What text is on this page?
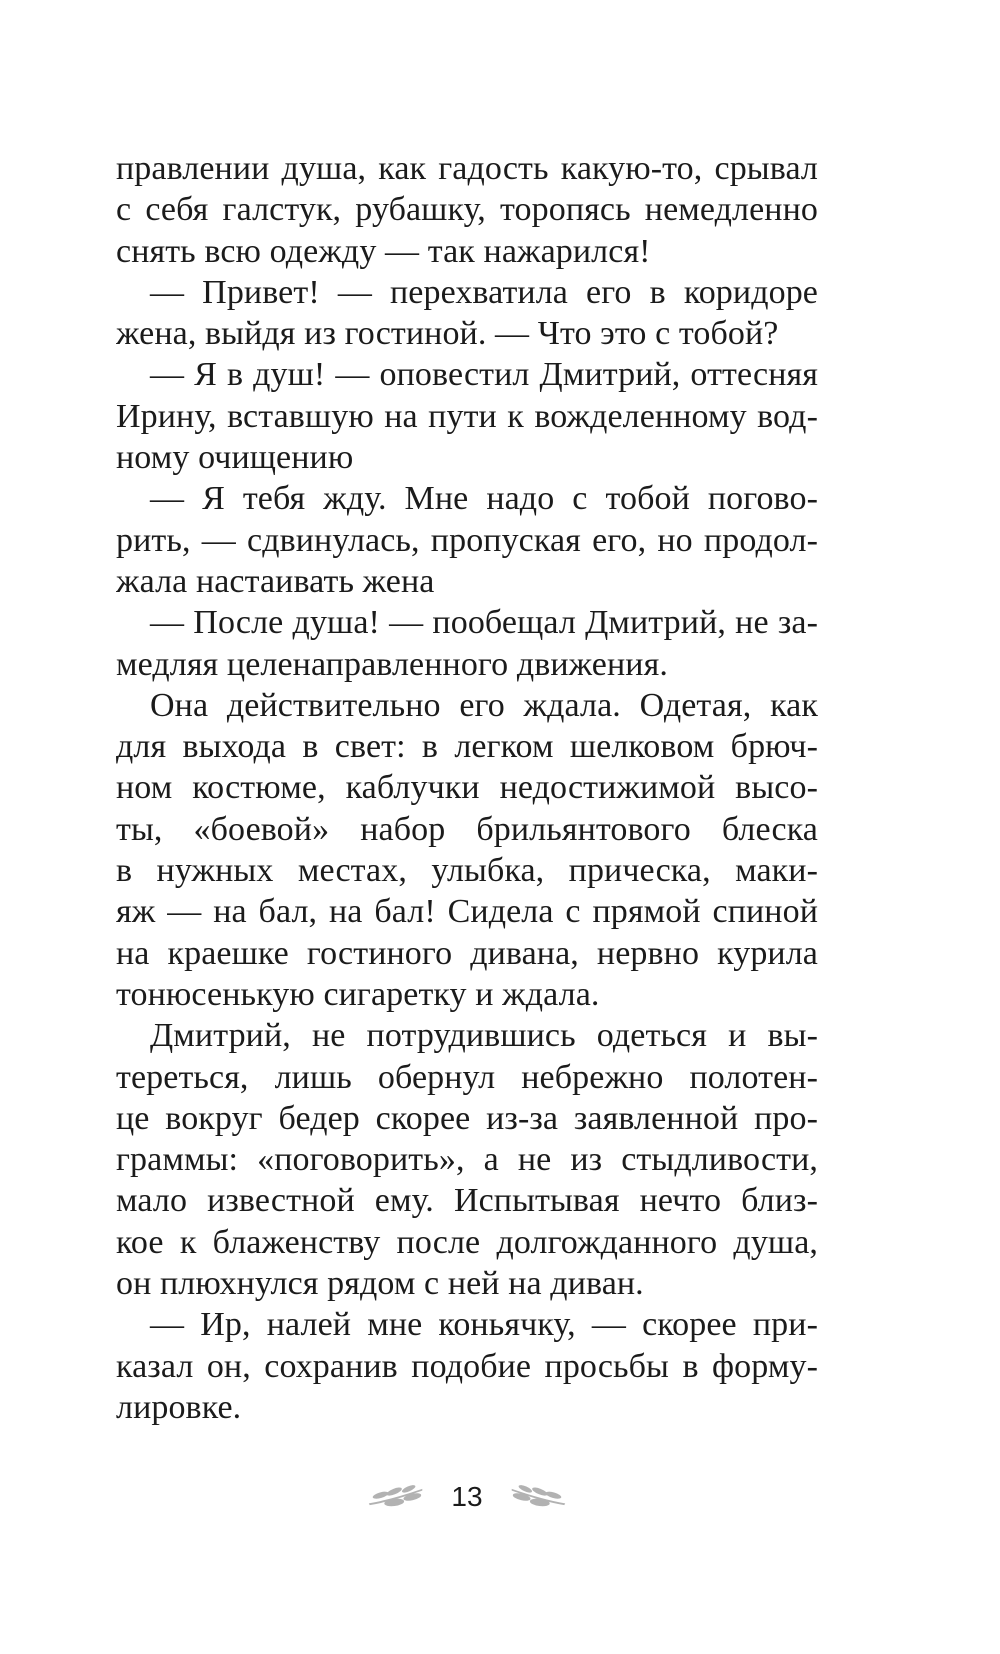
правлении душа, как гадость какую-то, срывал
с себя галстук, рубашку, торопясь немедленно
снять всю одежду — так нажарился!
— Привет! — перехватила его в коридоре
жена, выйдя из гостиной. — Что это с тобой?
— Я в душ! — оповестил Дмитрий, оттесняя
Ирину, вставшую на пути к вожделенному вод-
ному очищению
— Я тебя жду. Мне надо с тобой погово-
рить, — сдвинулась, пропуская его, но продол-
жала настаивать жена
— После душа! — пообещал Дмитрий, не за-
медляя целенаправленного движения.
Она действительно его ждала. Одетая, как
для выхода в свет: в легком шелковом брюч-
ном костюме, каблучки недостижимой высо-
ты, «боевой» набор брильянтового блеска
в нужных местах, улыбка, прическа, маки-
яж — на бал, на бал! Сидела с прямой спиной
на краешке гостиного дивана, нервно курила
тонюсенькую сигаретку и ждала.
Дмитрий, не потрудившись одеться и вы-
тереться, лишь обернул небрежно полотен-
це вокруг бедер скорее из-за заявленной про-
граммы: «поговорить», а не из стыдливости,
мало известной ему. Испытывая нечто близ-
кое к блаженству после долгожданного душа,
он плюхнулся рядом с ней на диван.
— Ир, налей мне коньячку, — скорее при-
казал он, сохранив подобие просьбы в форму-
лировке.
13
